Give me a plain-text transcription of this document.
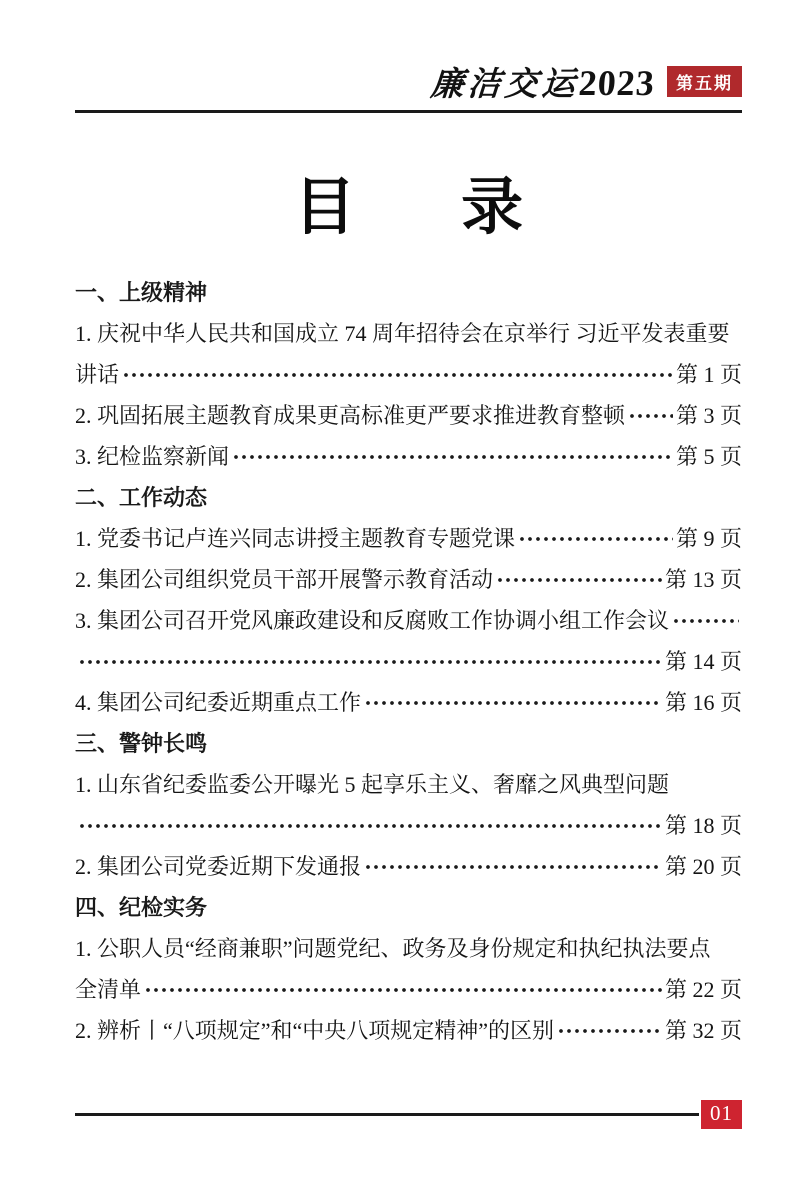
廉洁交运2023	第五期
目　录
一、上级精神
1. 庆祝中华人民共和国成立 74 周年招待会在京举行 习近平发表重要
讲话	第 1 页
2. 巩固拓展主题教育成果更高标准更严要求推进教育整顿 第 3 页
3. 纪检监察新闻	第 5 页
二、工作动态
1. 党委书记卢连兴同志讲授主题教育专题党课	第 9 页
2. 集团公司组织党员干部开展警示教育活动	第 13 页
3. 集团公司召开党风廉政建设和反腐败工作协调小组工作会议
第 14 页
4. 集团公司纪委近期重点工作	第 16 页
三、警钟长鸣
1. 山东省纪委监委公开曝光 5 起享乐主义、奢靡之风典型问题
第 18 页
2. 集团公司党委近期下发通报	第 20 页
四、纪检实务
1. 公职人员“经商兼职”问题党纪、政务及身份规定和执纪执法要点
全清单	第 22 页
2. 辨析丨“八项规定”和“中央八项规定精神”的区别	第 32 页
01
